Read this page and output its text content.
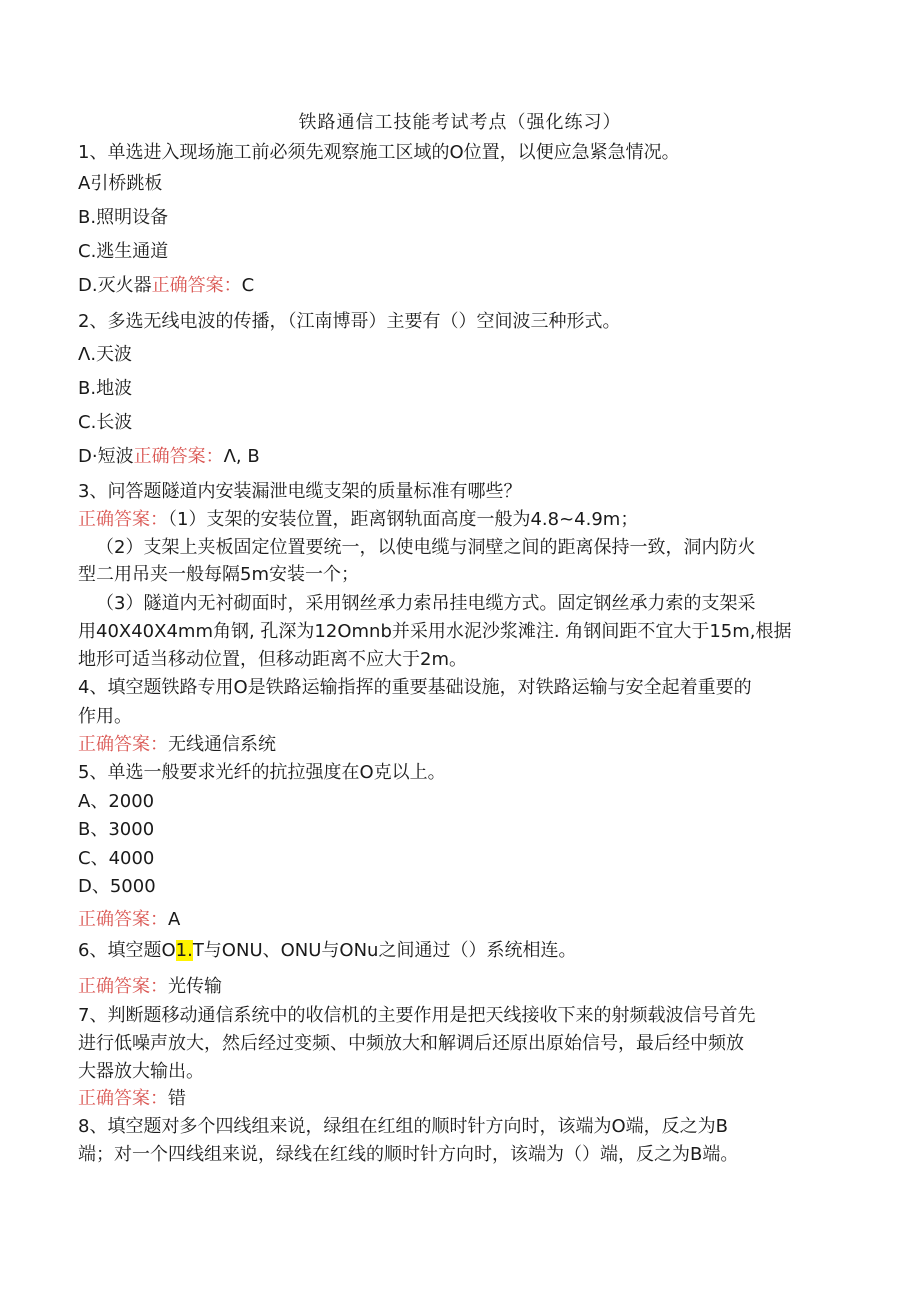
铁路通信工技能考试考点（强化练习）
1、单选进入现场施工前必须先观察施工区域的O位置，以便应急紧急情况。
A引桥跳板
B.照明设备
C.逃生通道
D.灭火器正确答案：C
2、多选无线电波的传播，（江南博哥）主要有（）空间波三种形式。
Λ.天波
B.地波
C.长波
D·短波正确答案：Λ, B
3、问答题隧道内安装漏泄电缆支架的质量标准有哪些？
正确答案：（1）支架的安装位置，距离钢轨面高度一般为4.8~4.9m；
（2）支架上夹板固定位置要统一，以使电缆与洞壁之间的距离保持一致，洞内防火
型二用吊夹一般每隔5m安装一个；
（3）隧道内无衬砌面时，采用钢丝承力索吊挂电缆方式。固定钢丝承力索的支架采
用40X40X4mm角钢, 孔深为12Omnb并采用水泥沙浆滩注. 角钢间距不宜大于15m,根据
地形可适当移动位置，但移动距离不应大于2m。
4、填空题铁路专用O是铁路运输指挥的重要基础设施，对铁路运输与安全起着重要的
作用。
正确答案：无线通信系统
5、单选一般要求光纤的抗拉强度在O克以上。
A、2000
B、3000
C、4000
D、5000
正确答案：A
6、填空题O1.T与ONU、ONU与ONu之间通过（）系统相连。
正确答案：光传输
7、判断题移动通信系统中的收信机的主要作用是把天线接收下来的射频载波信号首先
进行低噪声放大，然后经过变频、中频放大和解调后还原出原始信号，最后经中频放
大器放大输出。
正确答案：错
8、填空题对多个四线组来说，绿组在红组的顺时针方向时，该端为O端，反之为B
端；对一个四线组来说，绿线在红线的顺时针方向时，该端为（）端，反之为B端。
